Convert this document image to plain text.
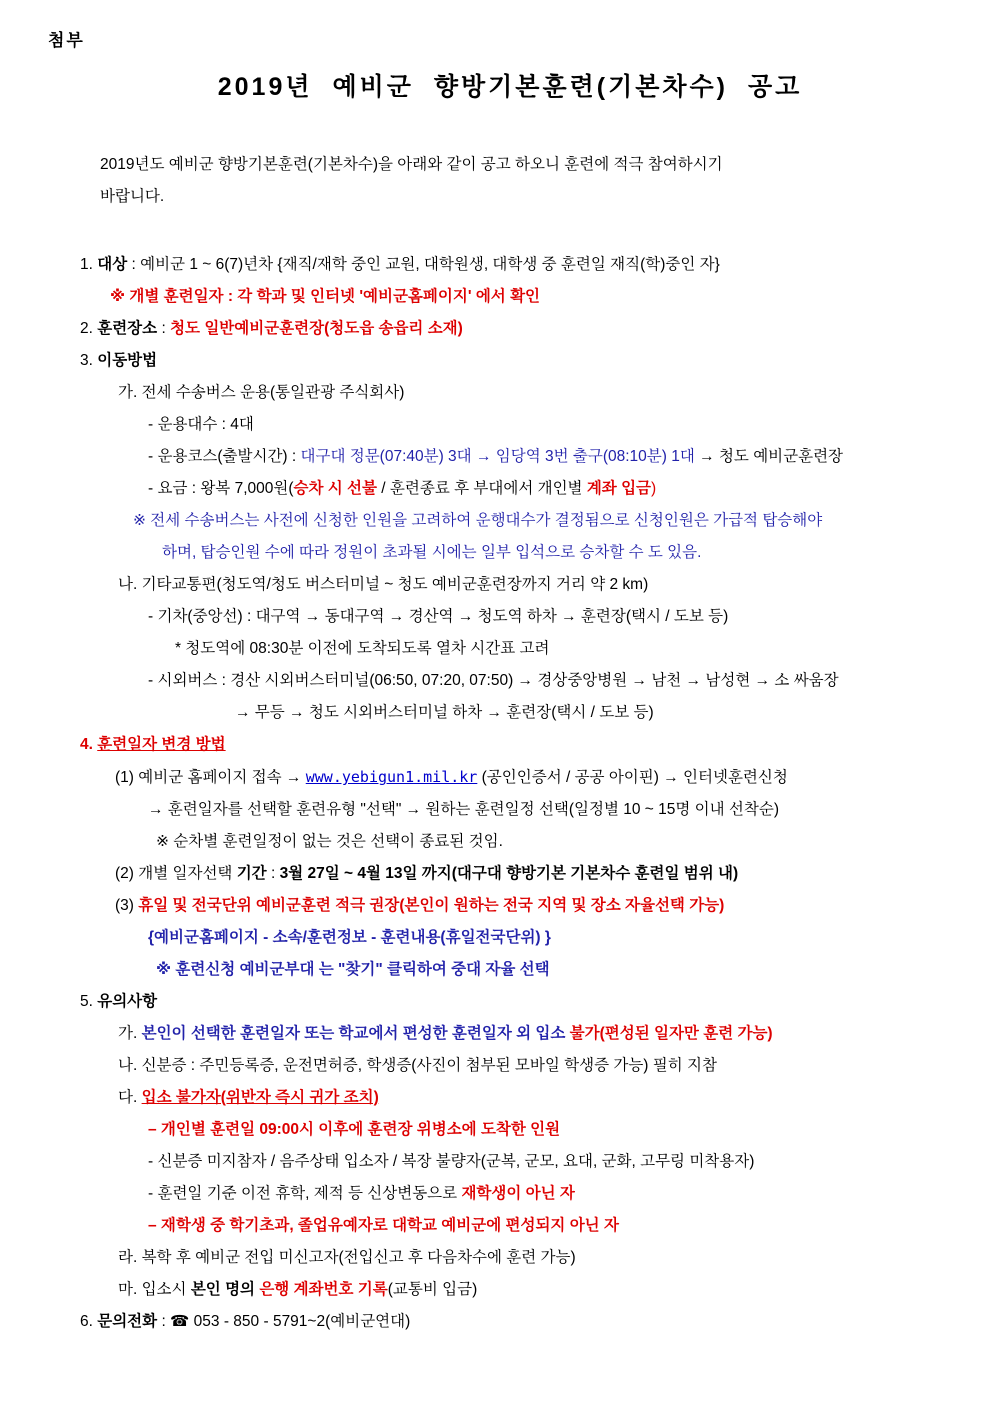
첨부
2019년 예비군 향방기본훈련(기본차수) 공고
2019년도 예비군 향방기본훈련(기본차수)을 아래와 같이 공고 하오니 훈련에 적극 참여하시기
바랍니다.
1. 대상 : 예비군 1 ~ 6(7)년차 {재직/재학 중인 교원, 대학원생, 대학생 중 훈련일 재직(학)중인 자}
※ 개별 훈련일자 : 각 학과 및 인터넷 '예비군홈페이지' 에서 확인
2. 훈련장소 : 청도 일반예비군훈련장(청도읍 송읍리 소재)
3. 이동방법
가. 전세 수송버스 운용(통일관광 주식회사)
- 운용대수 : 4대
- 운용코스(출발시간) : 대구대 정문(07:40분) 3대 → 임당역 3번 출구(08:10분) 1대 → 청도 예비군훈련장
- 요금 : 왕복 7,000원(승차 시 선불 / 훈련종료 후 부대에서 개인별 계좌 입금)
※ 전세 수송버스는 사전에 신청한 인원을 고려하여 운행대수가 결정됨으로 신청인원은 가급적 탑승해야
하며, 탑승인원 수에 따라 정원이 초과될 시에는 일부 입석으로 승차할 수 도 있음.
나. 기타교통편(청도역/청도 버스터미널 ~ 청도 예비군훈련장까지 거리 약 2 km)
- 기차(중앙선) : 대구역 → 동대구역 → 경산역 → 청도역 하차 → 훈련장(택시 / 도보 등)
* 청도역에 08:30분 이전에 도착되도록 열차 시간표 고려
- 시외버스 : 경산 시외버스터미널(06:50, 07:20, 07:50) → 경상중앙병원 → 남천 → 남성현 → 소 싸움장
→ 무등 → 청도 시외버스터미널 하차 → 훈련장(택시 / 도보 등)
4. 훈련일자 변경 방법
(1) 예비군 홈페이지 접속 → www.yebigun1.mil.kr (공인인증서 / 공공 아이핀) → 인터넷훈련신청
→ 훈련일자를 선택할 훈련유형 "선택" → 원하는 훈련일정 선택(일정별 10 ~ 15명 이내 선착순)
※ 순차별 훈련일정이 없는 것은 선택이 종료된 것임.
(2) 개별 일자선택 기간 : 3월 27일 ~ 4월 13일 까지(대구대 향방기본 기본차수 훈련일 범위 내)
(3) 휴일 및 전국단위 예비군훈련 적극 권장(본인이 원하는 전국 지역 및 장소 자율선택 가능)
{예비군홈페이지 - 소속/훈련정보 - 훈련내용(휴일전국단위) }
※ 훈련신청 예비군부대 는 "찾기" 클릭하여 중대 자율 선택
5. 유의사항
가. 본인이 선택한 훈련일자 또는 학교에서 편성한 훈련일자 외 입소 불가(편성된 일자만 훈련 가능)
나. 신분증 : 주민등록증, 운전면허증, 학생증(사진이 첨부된 모바일 학생증 가능) 필히 지참
다. 입소 불가자(위반자 즉시 귀가 조치)
– 개인별 훈련일 09:00시 이후에 훈련장 위병소에 도착한 인원
- 신분증 미지참자 / 음주상태 입소자 / 복장 불량자(군복, 군모, 요대, 군화, 고무링 미착용자)
- 훈련일 기준 이전 휴학, 제적 등 신상변동으로 재학생이 아닌 자
– 재학생 중 학기초과, 졸업유예자로 대학교 예비군에 편성되지 아닌 자
라. 복학 후 예비군 전입 미신고자(전입신고 후 다음차수에 훈련 가능)
마. 입소시 본인 명의 은행 계좌번호 기록(교통비 입금)
6. 문의전화 : ☎ 053 - 850 - 5791~2(예비군연대)
